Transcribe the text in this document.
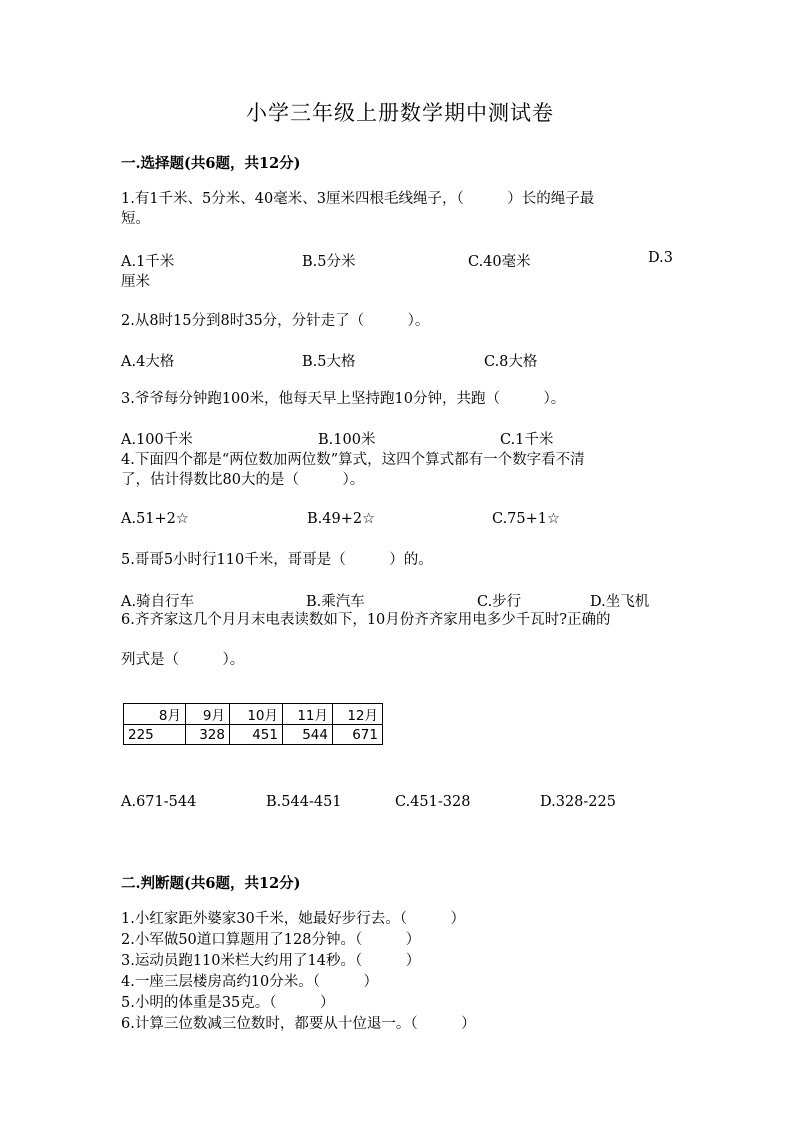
小学三年级上册数学期中测试卷
一.选择题(共6题，共12分)
1.有1千米、5分米、40毫米、3厘米四根毛线绳子，（　　　）长的绳子最
短。
A.1千米	B.5分米	C.40毫米	D.3
厘米
2.从8时15分到8时35分，分针走了（　　　）。
A.4大格	B.5大格	C.8大格
3.爷爷每分钟跑100米，他每天早上坚持跑10分钟，共跑（　　　）。
A.100千米	B.100米	C.1千米
4.下面四个都是“两位数加两位数”算式，这四个算式都有一个数字看不清
了，估计得数比80大的是（　　　）。
A.51+2☆	B.49+2☆	C.75+1☆
5.哥哥5小时行110千米，哥哥是（　　　）的。
A.骑自行车	B.乘汽车	C.步行	D.坐飞机
6.齐齐家这几个月月末电表读数如下，10月份齐齐家用电多少千瓦时?正确的
列式是（　　　）。
8月	9月	10月	11月	12月
225	328	451	544	671
A.671-544	B.544-451	C.451-328	D.328-225
二.判断题(共6题，共12分)
1.小红家距外婆家30千米，她最好步行去。（　　　）
2.小军做50道口算题用了128分钟。（　　　）
3.运动员跑110米栏大约用了14秒。（　　　）
4.一座三层楼房高约10分米。（　　　）
5.小明的体重是35克。（　　　）
6.计算三位数减三位数时，都要从十位退一。（　　　）
